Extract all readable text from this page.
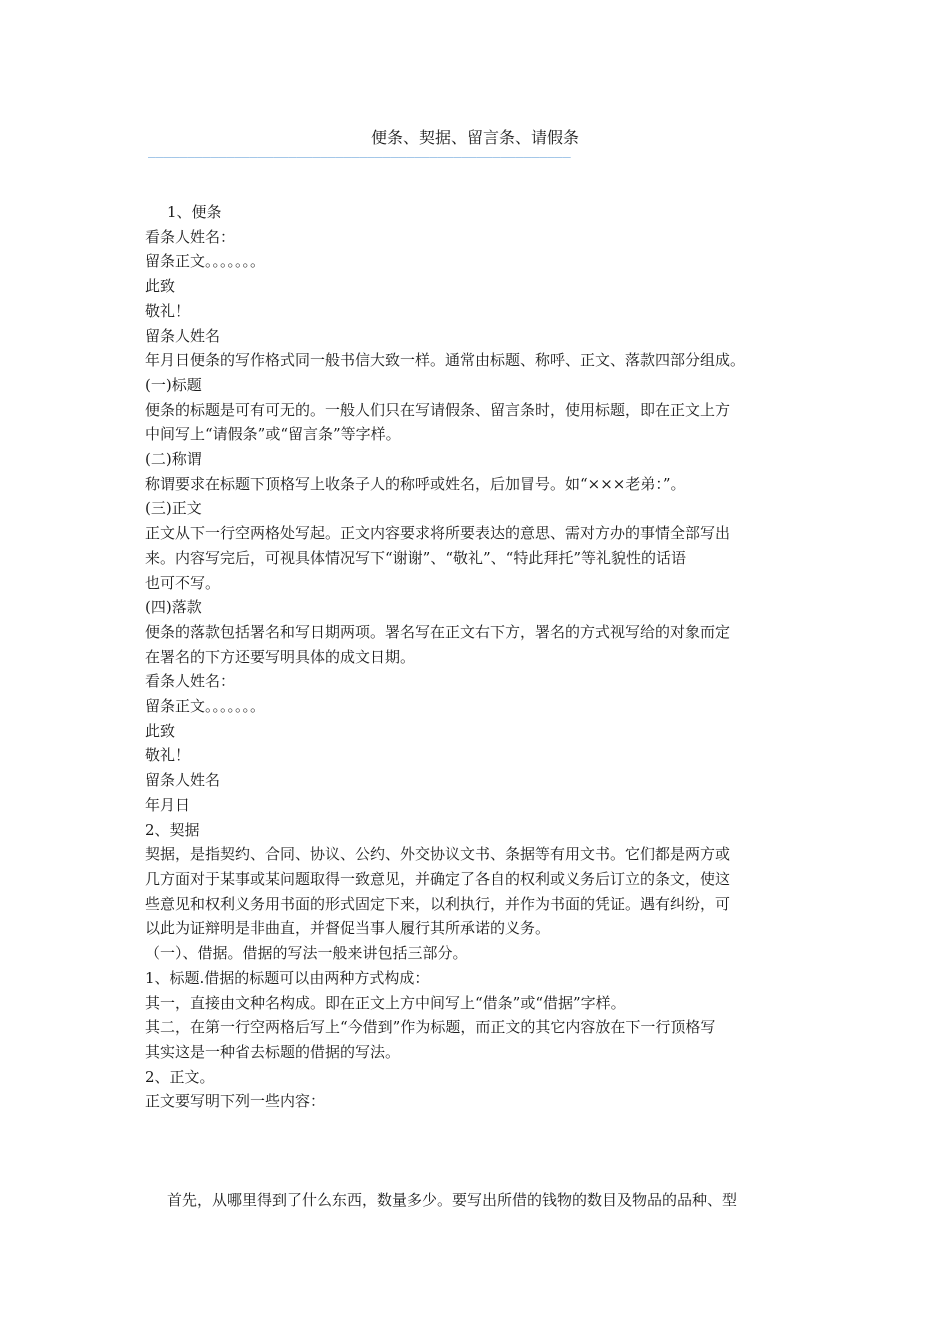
便条、契据、留言条、请假条
——————————————————————————————————————————————————————
1、便条
看条人姓名：
留条正文。。。。。。。
此致
敬礼！
留条人姓名
年月日便条的写作格式同一般书信大致一样。通常由标题、称呼、正文、落款四部分组成。
(一)标题
便条的标题是可有可无的。一般人们只在写请假条、留言条时，使用标题，即在正文上方
中间写上“请假条”或“留言条”等字样。
(二)称谓
称谓要求在标题下顶格写上收条子人的称呼或姓名，后加冒号。如“×××老弟：”。
(三)正文
正文从下一行空两格处写起。正文内容要求将所要表达的意思、需对方办的事情全部写出
来。内容写完后，可视具体情况写下“谢谢”、“敬礼”、“特此拜托”等礼貌性的话语
也可不写。
(四)落款
便条的落款包括署名和写日期两项。署名写在正文右下方，署名的方式视写给的对象而定
在署名的下方还要写明具体的成文日期。
看条人姓名：
留条正文。。。。。。。
此致
敬礼！
留条人姓名
年月日
2、契据
契据，是指契约、合同、协议、公约、外交协议文书、条据等有用文书。它们都是两方或
几方面对于某事或某问题取得一致意见，并确定了各自的权利或义务后订立的条文，使这
些意见和权利义务用书面的形式固定下来，以利执行，并作为书面的凭证。遇有纠纷，可
以此为证辩明是非曲直，并督促当事人履行其所承诺的义务。
（一）、借据。借据的写法一般来讲包括三部分。
1、标题.借据的标题可以由两种方式构成：
其一，直接由文种名构成。即在正文上方中间写上“借条”或“借据”字样。
其二，在第一行空两格后写上“今借到”作为标题，而正文的其它内容放在下一行顶格写
其实这是一种省去标题的借据的写法。
2、正文。
正文要写明下列一些内容：
首先，从哪里得到了什么东西，数量多少。要写出所借的钱物的数目及物品的品种、型
